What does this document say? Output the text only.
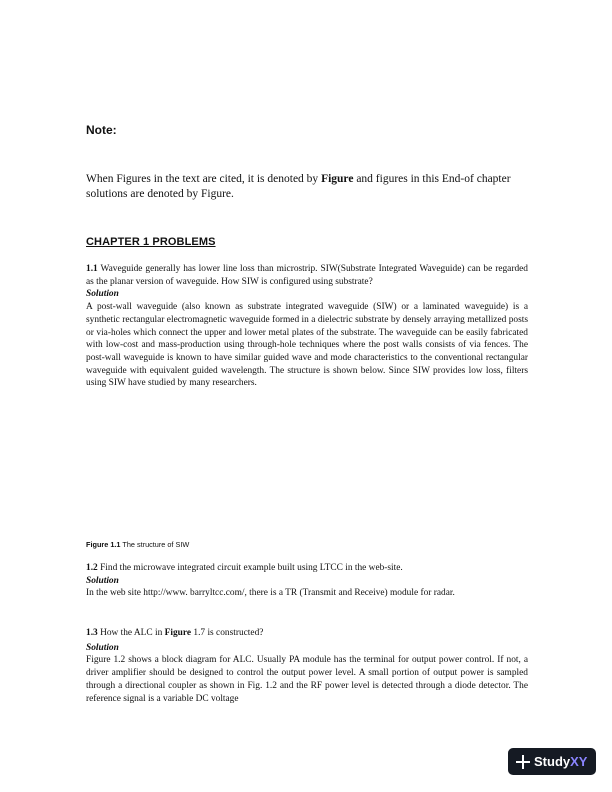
Note:
When Figures in the text are cited, it is denoted by Figure and figures in this End-of chapter solutions are denoted by Figure.
CHAPTER 1 PROBLEMS

1.1 Waveguide generally has lower line loss than microstrip. SIW(Substrate Integrated Waveguide) can be regarded as the planar version of waveguide. How SIW is configured using substrate?

Solution

A post-wall waveguide (also known as substrate integrated waveguide (SIW) or a laminated waveguide) is a synthetic rectangular electromagnetic waveguide formed in a dielectric substrate by densely arraying metallized posts or via-holes which connect the upper and lower metal plates of the substrate. The waveguide can be easily fabricated with low-cost and mass-production using through-hole techniques where the post walls consists of via fences. The post-wall waveguide is known to have similar guided wave and mode characteristics to the conventional rectangular waveguide with equivalent guided wavelength. The structure is shown below. Since SIW provides low loss, filters using SIW have studied by many researchers.

Figure 1.1 The structure of SIW

1.2 Find the microwave integrated circuit example built using LTCC in the web-site.

Solution

In the web site http://www. barryltcc.com/, there is a TR (Transmit and Receive) module for radar.

1.3 How the ALC in Figure 1.7 is constructed?

Solution

Figure 1.2 shows a block diagram for ALC. Usually PA module has the terminal for output power control. If not, a driver amplifier should be designed to control the output power level. A small portion of output power is sampled through a directional coupler as shown in Fig. 1.2 and the RF power level is detected through a diode detector. The reference signal is a variable DC voltage

StudyXY
